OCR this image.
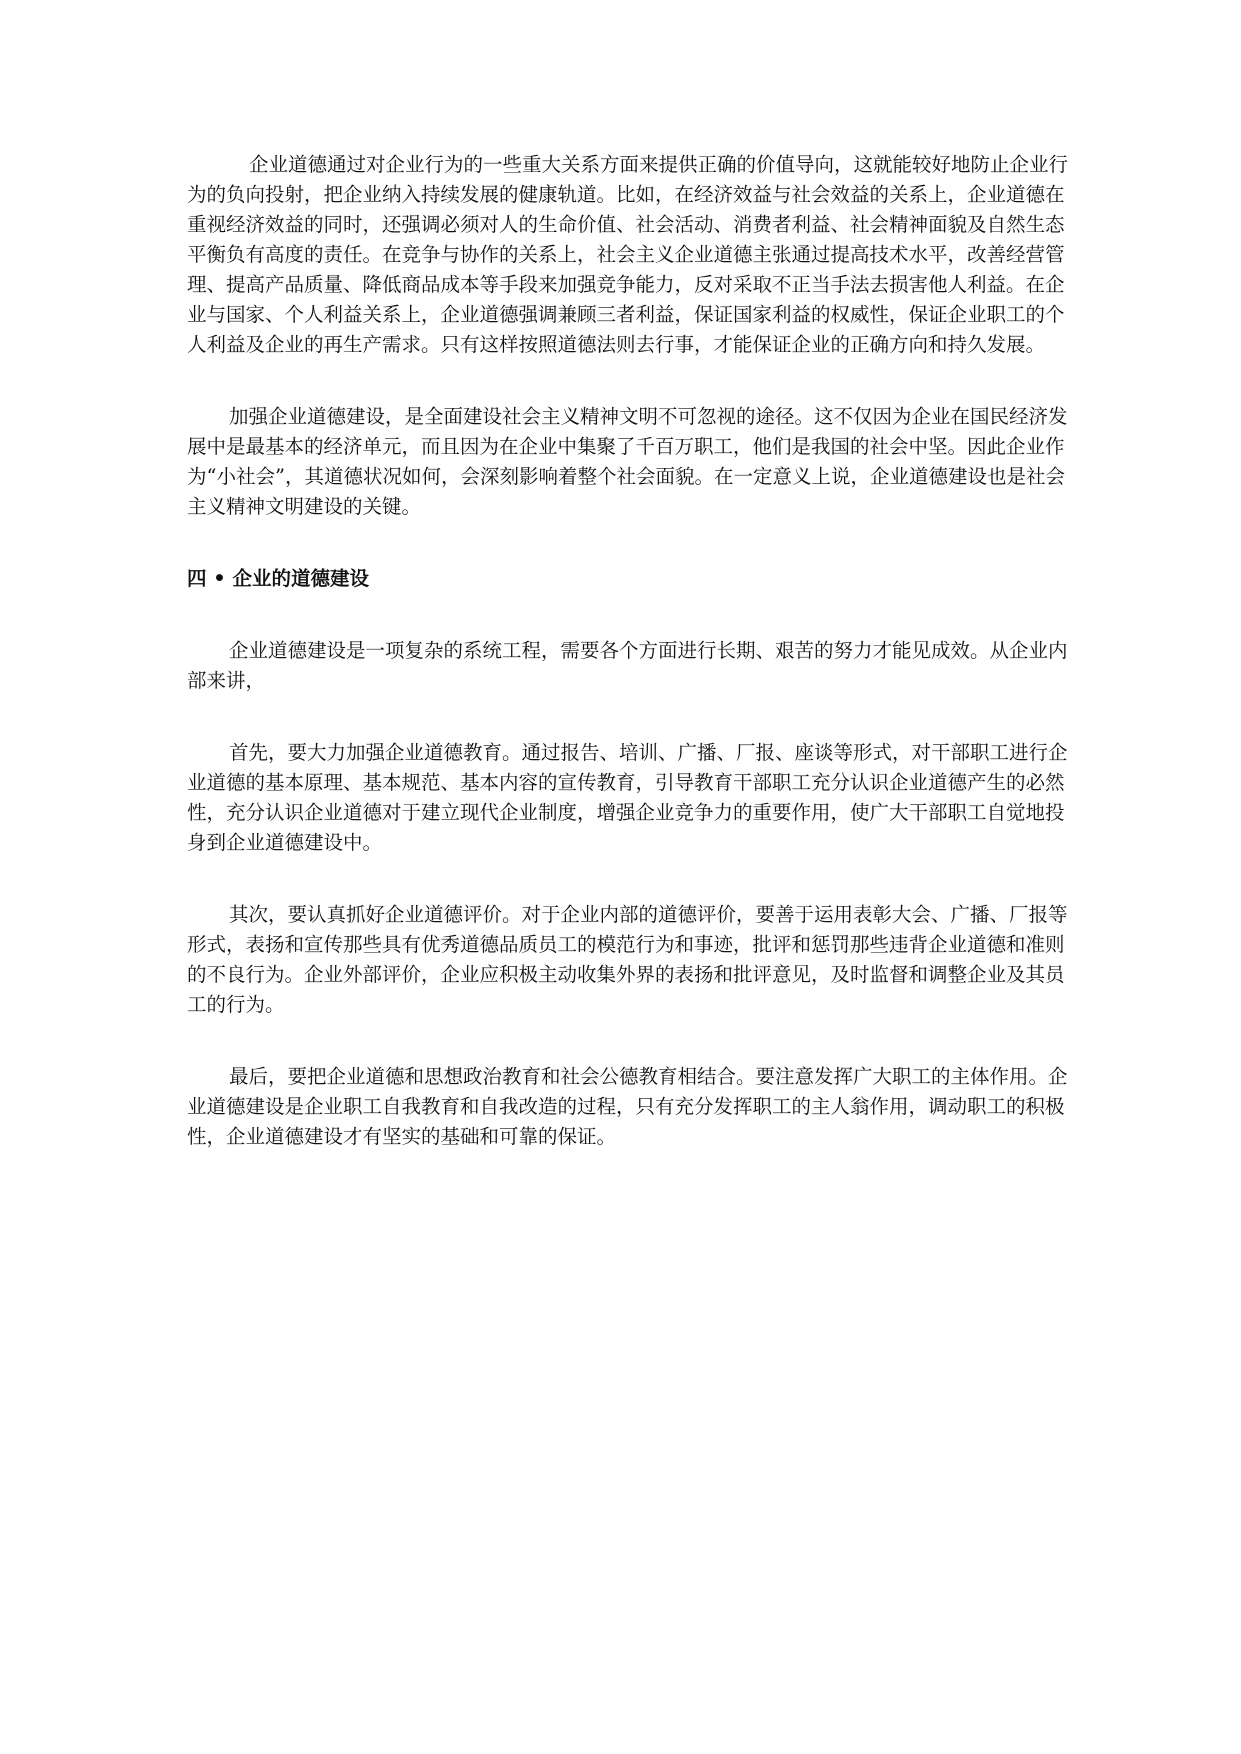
企业道德通过对企业行为的一些重大关系方面来提供正确的价值导向，这就能较好地防止企业行为的负向投射，把企业纳入持续发展的健康轨道。比如，在经济效益与社会效益的关系上，企业道德在重视经济效益的同时，还强调必须对人的生命价值、社会活动、消费者利益、社会精神面貌及自然生态平衡负有高度的责任。在竞争与协作的关系上，社会主义企业道德主张通过提高技术水平，改善经营管理、提高产品质量、降低商品成本等手段来加强竞争能力，反对采取不正当手法去损害他人利益。在企业与国家、个人利益关系上，企业道德强调兼顾三者利益，保证国家利益的权威性，保证企业职工的个人利益及企业的再生产需求。只有这样按照道德法则去行事，才能保证企业的正确方向和持久发展。

加强企业道德建设，是全面建设社会主义精神文明不可忽视的途径。这不仅因为企业在国民经济发展中是最基本的经济单元，而且因为在企业中集聚了千百万职工，他们是我国的社会中坚。因此企业作为“小社会”，其道德状况如何，会深刻影响着整个社会面貌。在一定意义上说，企业道德建设也是社会主义精神文明建设的关键。

四 • 企业的道德建设

企业道德建设是一项复杂的系统工程，需要各个方面进行长期、艰苦的努力才能见成效。从企业内部来讲，

首先，要大力加强企业道德教育。通过报告、培训、广播、厂报、座谈等形式，对干部职工进行企业道德的基本原理、基本规范、基本内容的宣传教育，引导教育干部职工充分认识企业道德产生的必然性，充分认识企业道德对于建立现代企业制度，增强企业竞争力的重要作用，使广大干部职工自觉地投身到企业道德建设中。

其次，要认真抓好企业道德评价。对于企业内部的道德评价，要善于运用表彰大会、广播、厂报等形式，表扬和宣传那些具有优秀道德品质员工的模范行为和事迹，批评和惩罚那些违背企业道德和准则的不良行为。企业外部评价，企业应积极主动收集外界的表扬和批评意见，及时监督和调整企业及其员工的行为。

最后，要把企业道德和思想政治教育和社会公德教育相结合。要注意发挥广大职工的主体作用。企业道德建设是企业职工自我教育和自我改造的过程，只有充分发挥职工的主人翁作用，调动职工的积极性，企业道德建设才有坚实的基础和可靠的保证。
